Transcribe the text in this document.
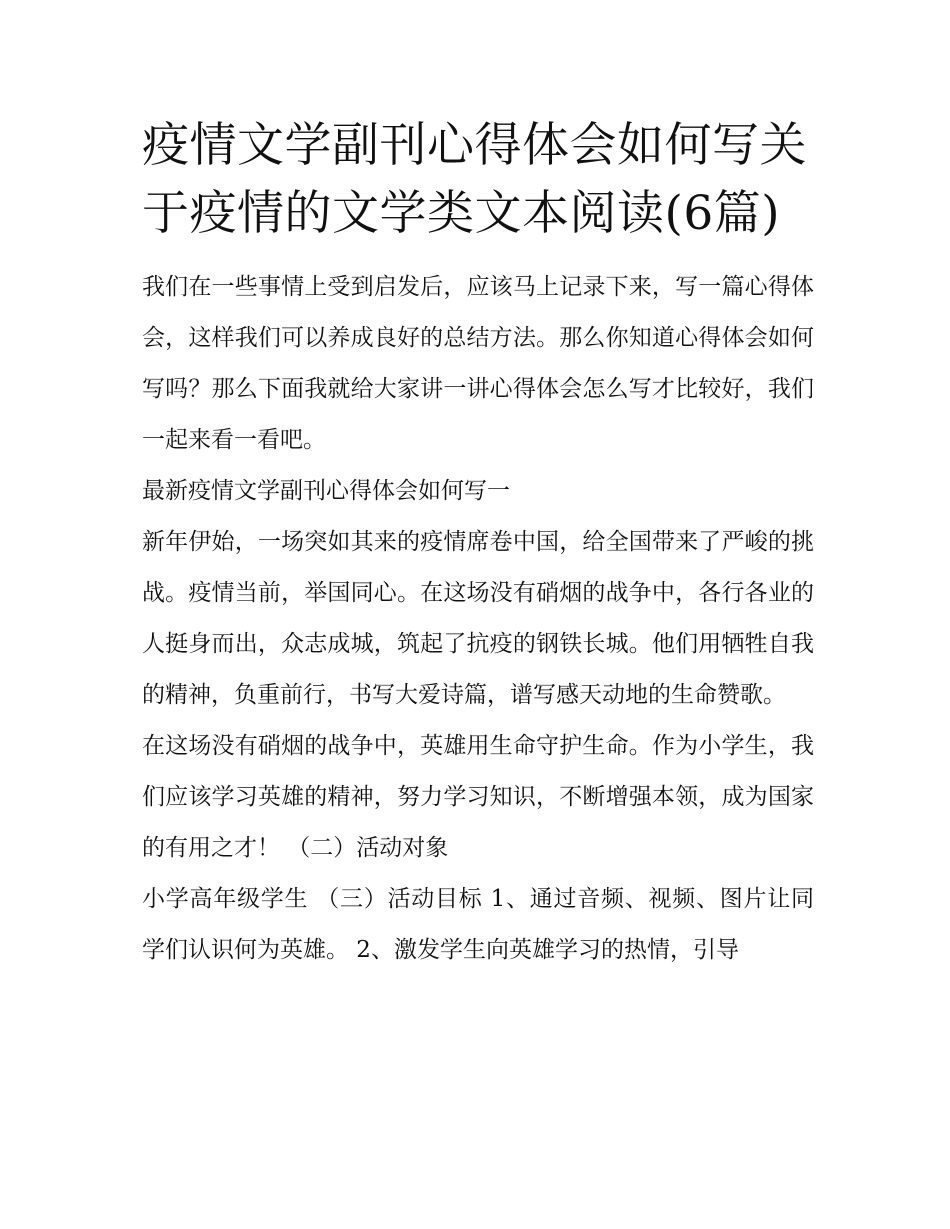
疫情文学副刊心得体会如何写关于疫情的文学类文本阅读(6篇)

我们在一些事情上受到启发后，应该马上记录下来，写一篇心得体会，这样我们可以养成良好的总结方法。那么你知道心得体会如何写吗？那么下面我就给大家讲一讲心得体会怎么写才比较好，我们一起来看一看吧。

最新疫情文学副刊心得体会如何写一

新年伊始，一场突如其来的疫情席卷中国，给全国带来了严峻的挑战。疫情当前，举国同心。在这场没有硝烟的战争中，各行各业的人挺身而出，众志成城，筑起了抗疫的钢铁长城。他们用牺牲自我的精神，负重前行，书写大爱诗篇，谱写感天动地的生命赞歌。

在这场没有硝烟的战争中，英雄用生命守护生命。作为小学生，我们应该学习英雄的精神，努力学习知识，不断增强本领，成为国家的有用之才！ （二）活动对象

小学高年级学生 （三）活动目标 1、通过音频、视频、图片让同学们认识何为英雄。 2、激发学生向英雄学习的热情，引导
